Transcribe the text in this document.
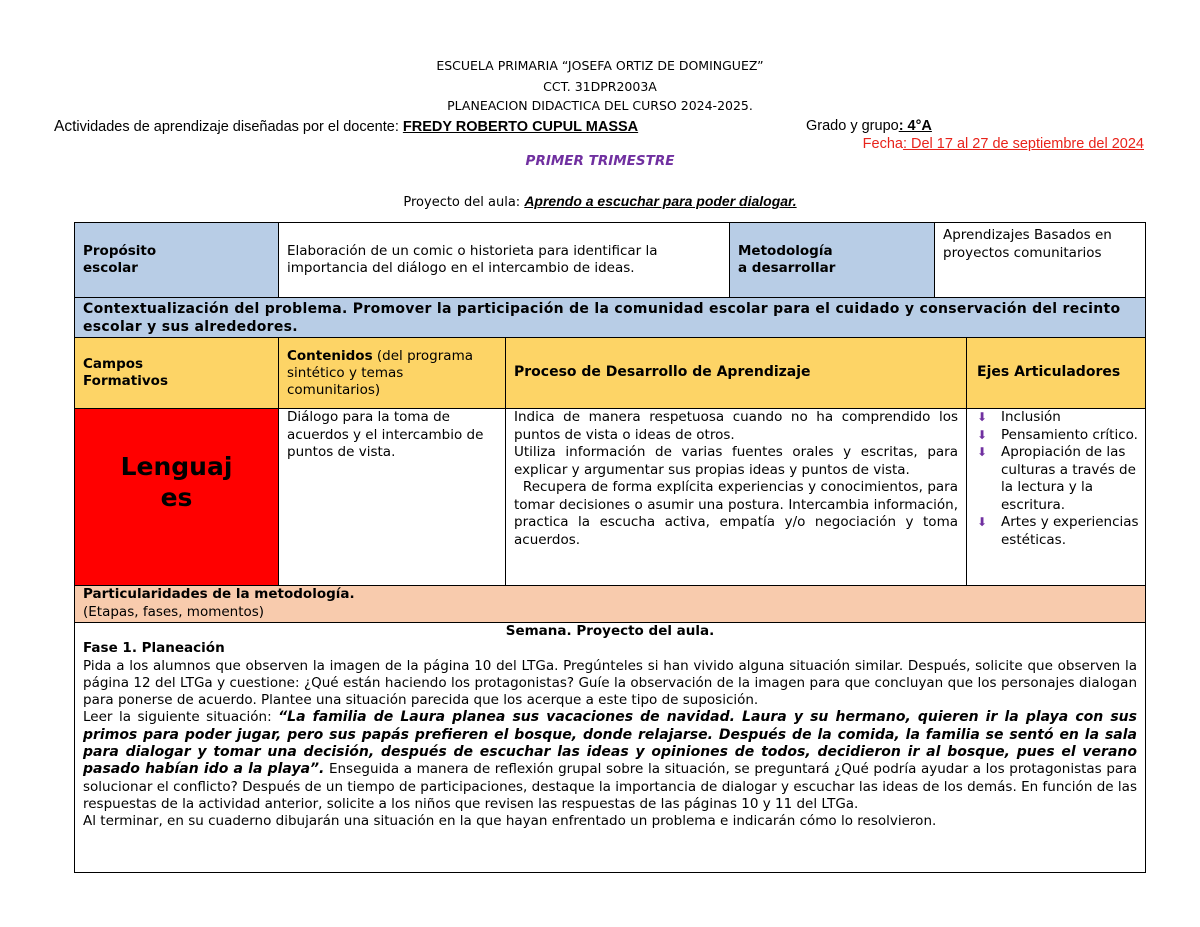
ESCUELA PRIMARIA “JOSEFA ORTIZ DE DOMINGUEZ”
CCT. 31DPR2003A
PLANEACION DIDACTICA DEL CURSO 2024-2025.
Actividades de aprendizaje diseñadas por el docente: FREDY ROBERTO CUPUL MASSA	Grado y grupo: 4°A
Fecha: Del 17 al 27 de septiembre del 2024
PRIMER TRIMESTRE
Proyecto del aula: Aprendo a escuchar para poder dialogar.
Propósito
escolar
Elaboración de un comic o historieta para identificar la importancia del diálogo en el intercambio de ideas.
Metodología
a desarrollar
Aprendizajes Basados en proyectos comunitarios
Contextualización del problema. Promover la participación de la comunidad escolar para el cuidado y conservación del recinto escolar y sus alrededores.
Campos
Formativos
Contenidos (del programa sintético y temas comunitarios)
Proceso de Desarrollo de Aprendizaje	Ejes Articuladores
Lenguaj
es
Diálogo para la toma de acuerdos y el intercambio de puntos de vista.

Indica de manera respetuosa cuando no ha comprendido los puntos de vista o ideas de otros.

Utiliza información de varias fuentes orales y escritas, para explicar y argumentar sus propias ideas y puntos de vista.

Recupera de forma explícita experiencias y conocimientos, para tomar decisiones o asumir una postura. Intercambia información, practica la escucha activa, empatía y/o negociación y toma acuerdos.

⬇ Inclusión
⬇ Pensamiento crítico.
⬇ Apropiación de las culturas a través de la lectura y la escritura.
⬇ Artes y experiencias estéticas.
Particularidades de la metodología.
(Etapas, fases, momentos)
Semana. Proyecto del aula.
Fase 1. Planeación

Pida a los alumnos que observen la imagen de la página 10 del LTGa. Pregúnteles si han vivido alguna situación similar. Después, solicite que observen la página 12 del LTGa y cuestione: ¿Qué están haciendo los protagonistas? Guíe la observación de la imagen para que concluyan que los personajes dialogan para ponerse de acuerdo. Plantee una situación parecida que los acerque a este tipo de suposición.

Leer la siguiente situación: “La familia de Laura planea sus vacaciones de navidad. Laura y su hermano, quieren ir la playa con sus primos para poder jugar, pero sus papás prefieren el bosque, donde relajarse. Después de la comida, la familia se sentó en la sala para dialogar y tomar una decisión, después de escuchar las ideas y opiniones de todos, decidieron ir al bosque, pues el verano pasado habían ido a la playa”. Enseguida a manera de reflexión grupal sobre la situación, se preguntará ¿Qué podría ayudar a los protagonistas para solucionar el conflicto? Después de un tiempo de participaciones, destaque la importancia de dialogar y escuchar las ideas de los demás. En función de las respuestas de la actividad anterior, solicite a los niños que revisen las respuestas de las páginas 10 y 11 del LTGa.

Al terminar, en su cuaderno dibujarán una situación en la que hayan enfrentado un problema e indicarán cómo lo resolvieron.
